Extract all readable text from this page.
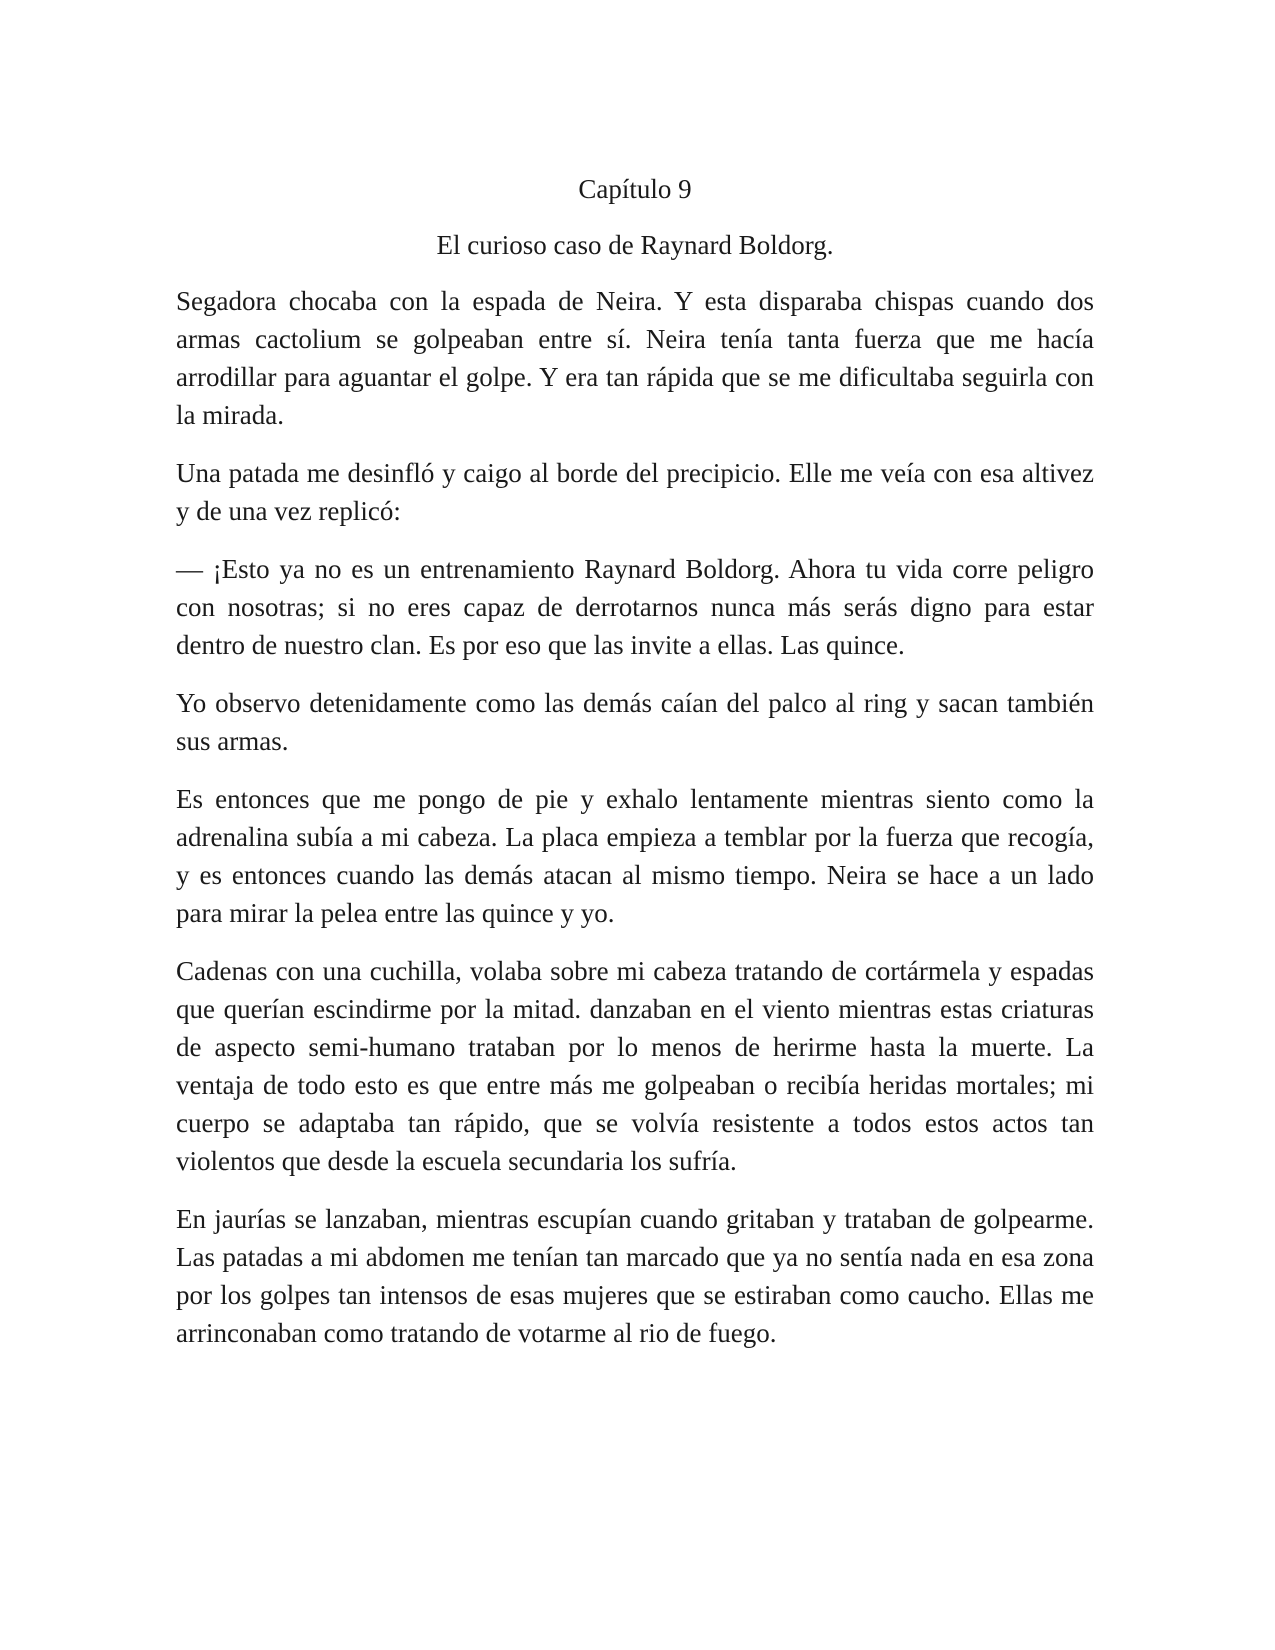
Capítulo 9
El curioso caso de Raynard Boldorg.

Segadora chocaba con la espada de Neira. Y esta disparaba chispas cuando dos armas cactolium se golpeaban entre sí. Neira tenía tanta fuerza que me hacía arrodillar para aguantar el golpe. Y era tan rápida que se me dificultaba seguirla con la mirada.

Una patada me desinfló y caigo al borde del precipicio. Elle me veía con esa altivez y de una vez replicó:

— ¡Esto ya no es un entrenamiento Raynard Boldorg. Ahora tu vida corre peligro con nosotras; si no eres capaz de derrotarnos nunca más serás digno para estar dentro de nuestro clan. Es por eso que las invite a ellas. Las quince.

Yo observo detenidamente como las demás caían del palco al ring y sacan también sus armas.

Es entonces que me pongo de pie y exhalo lentamente mientras siento como la adrenalina subía a mi cabeza. La placa empieza a temblar por la fuerza que recogía, y es entonces cuando las demás atacan al mismo tiempo. Neira se hace a un lado para mirar la pelea entre las quince y yo.

Cadenas con una cuchilla, volaba sobre mi cabeza tratando de cortármela y espadas que querían escindirme por la mitad. danzaban en el viento mientras estas criaturas de aspecto semi-humano trataban por lo menos de herirme hasta la muerte. La ventaja de todo esto es que entre más me golpeaban o recibía heridas mortales; mi cuerpo se adaptaba tan rápido, que se volvía resistente a todos estos actos tan violentos que desde la escuela secundaria los sufría.

En jaurías se lanzaban, mientras escupían cuando gritaban y trataban de golpearme. Las patadas a mi abdomen me tenían tan marcado que ya no sentía nada en esa zona por los golpes tan intensos de esas mujeres que se estiraban como caucho. Ellas me arrinconaban como tratando de votarme al rio de fuego.
